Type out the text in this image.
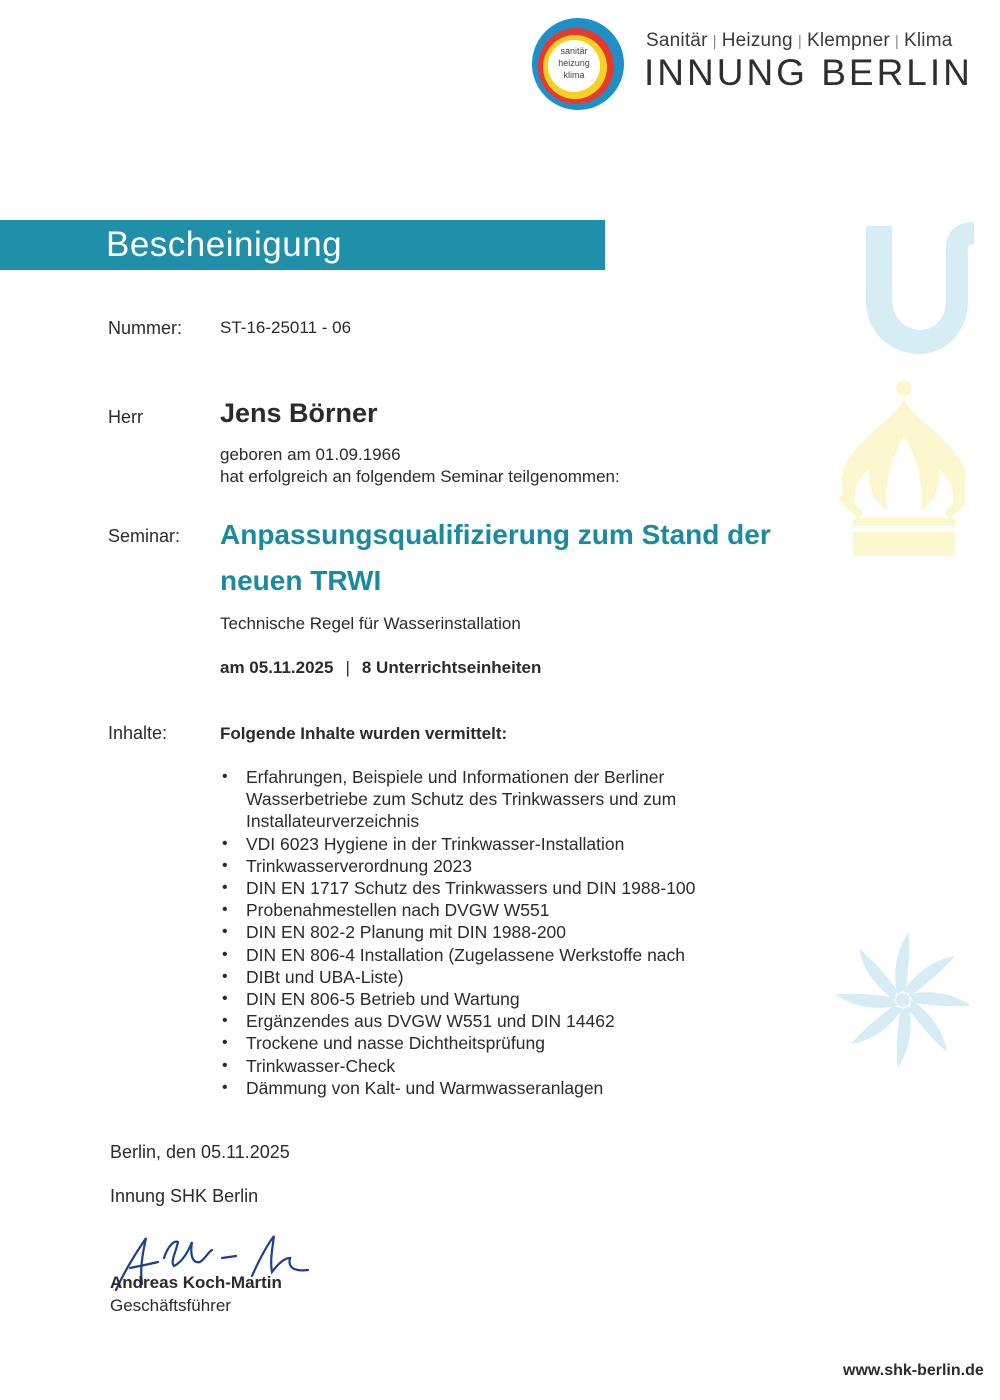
sanitär
heizung
klima
Sanitär | Heizung | Klempner | Klima
INNUNG BERLIN
Bescheinigung
Nummer: ST-16-25011 - 06
Herr	Jens Börner
geboren am 01.09.1966
hat erfolgreich an folgendem Seminar teilgenommen:
Seminar: Anpassungsqualifizierung zum Stand der neuen TRWI
Technische Regel für Wasserinstallation
am 05.11.2025 | 8 Unterrichtseinheiten
Inhalte:	Folgende Inhalte wurden vermittelt:
• Erfahrungen, Beispiele und Informationen der Berliner Wasserbetriebe zum Schutz des Trinkwassers und zum Installateurverzeichnis
• VDI 6023 Hygiene in der Trinkwasser-Installation
• Trinkwasserverordnung 2023
• DIN EN 1717 Schutz des Trinkwassers und DIN 1988-100
• Probenahmestellen nach DVGW W551
• DIN EN 802-2 Planung mit DIN 1988-200
• DIN EN 806-4 Installation (Zugelassene Werkstoffe nach
• DIBt und UBA-Liste)
• DIN EN 806-5 Betrieb und Wartung
• Ergänzendes aus DVGW W551 und DIN 14462
• Trockene und nasse Dichtheitsprüfung
• Trinkwasser-Check
• Dämmung von Kalt- und Warmwasseranlagen
Berlin, den 05.11.2025
Innung SHK Berlin
Andreas Koch-Martin
Geschäftsführer
www.shk-berlin.de
